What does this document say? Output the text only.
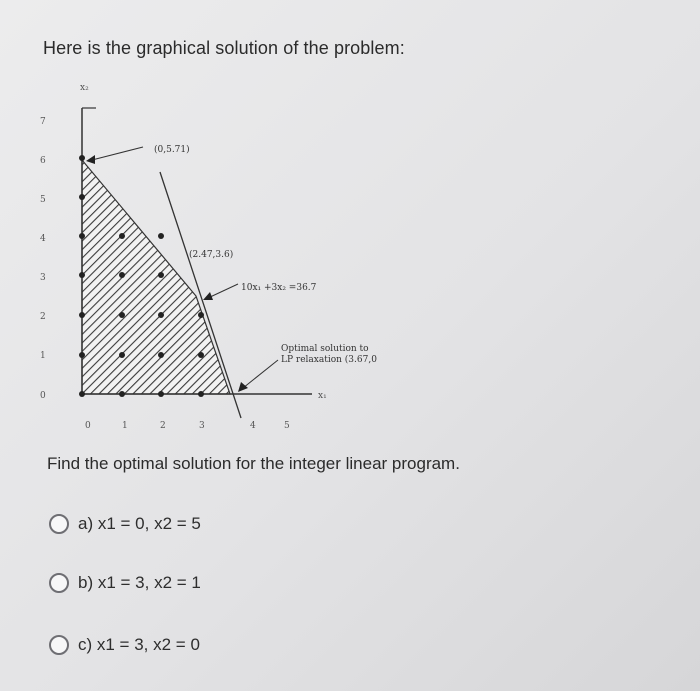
Here is the graphical solution of the problem:
7
6
5
4
3
2
1
0
0	1	2	3	4	5
x₂
x₁
(0,5.71)
(2.47,3.6)
10x₁ +3x₂ =36.7
Optimal solution to
LP relaxation (3.67,0
Find the optimal solution for the integer linear program.
a) x1 = 0, x2 = 5
b) x1 = 3, x2 = 1
c) x1 = 3, x2 = 0
